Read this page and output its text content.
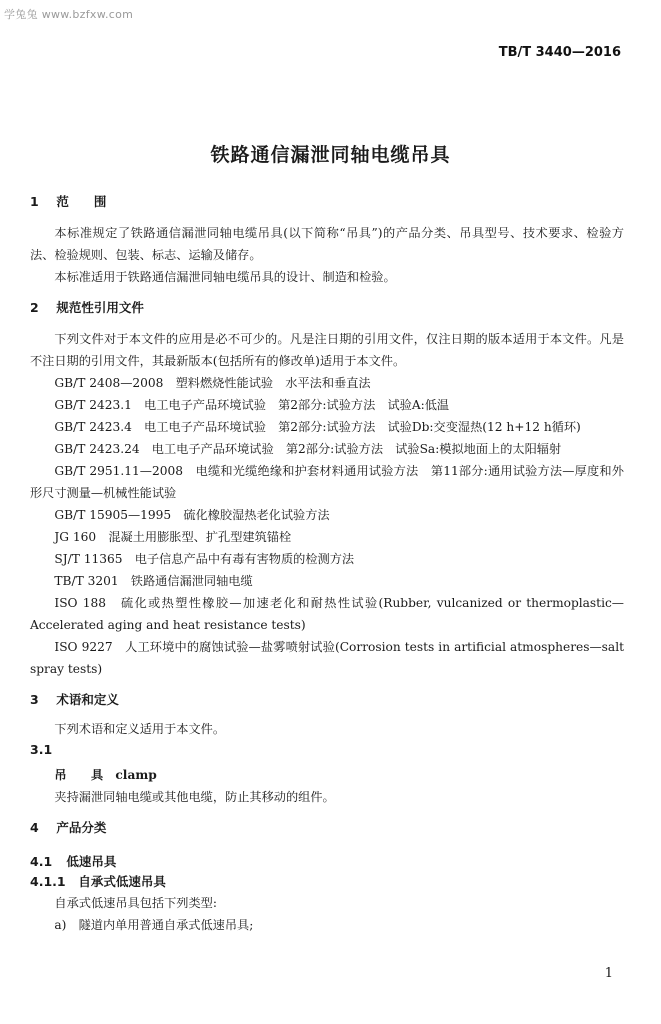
学兔兔 www.bzfxw.com
TB/T 3440—2016
铁路通信漏泄同轴电缆吊具

1 范　　围

本标准规定了铁路通信漏泄同轴电缆吊具(以下简称“吊具”)的产品分类、吊具型号、技术要求、检验方法、检验规则、包装、标志、运输及储存。

本标准适用于铁路通信漏泄同轴电缆吊具的设计、制造和检验。

2 规范性引用文件

下列文件对于本文件的应用是必不可少的。凡是注日期的引用文件，仅注日期的版本适用于本文件。凡是不注日期的引用文件，其最新版本(包括所有的修改单)适用于本文件。

GB/T 2408—2008　塑料燃烧性能试验　水平法和垂直法

GB/T 2423.1　电工电子产品环境试验　第2部分:试验方法　试验A:低温

GB/T 2423.4　电工电子产品环境试验　第2部分:试验方法　试验Db:交变湿热(12 h+12 h循环)

GB/T 2423.24　电工电子产品环境试验　第2部分:试验方法　试验Sa:模拟地面上的太阳辐射

GB/T 2951.11—2008　电缆和光缆绝缘和护套材料通用试验方法　第11部分:通用试验方法—厚度和外形尺寸测量—机械性能试验

GB/T 15905—1995　硫化橡胶湿热老化试验方法

JG 160　混凝土用膨胀型、扩孔型建筑锚栓

SJ/T 11365　电子信息产品中有毒有害物质的检测方法

TB/T 3201　铁路通信漏泄同轴电缆

ISO 188　硫化或热塑性橡胶—加速老化和耐热性试验(Rubber, vulcanized or thermoplastic—Accelerated aging and heat resistance tests)

ISO 9227　人工环境中的腐蚀试验—盐雾喷射试验(Corrosion tests in artificial atmospheres—salt spray tests)

3 术语和定义

下列术语和定义适用于本文件。

3.1

吊　　具 clamp

夹持漏泄同轴电缆或其他电缆，防止其移动的组件。

4 产品分类

4.1 低速吊具

4.1.1 自承式低速吊具

自承式低速吊具包括下列类型:

a)　隧道内单用普通自承式低速吊具;

1
